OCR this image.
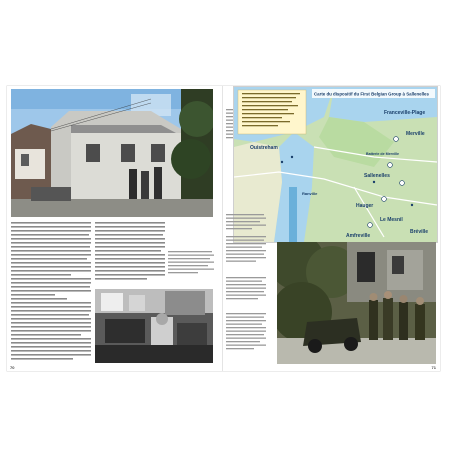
70
Carte du dispositif du First Belgian Group à Sallenelles
Franceville-Plage
Merville
Batterie de Merville
Sallenelles
Ouistreham
Ranville
Hauger
Le Mesnil
Bréville
Amfreville
71
